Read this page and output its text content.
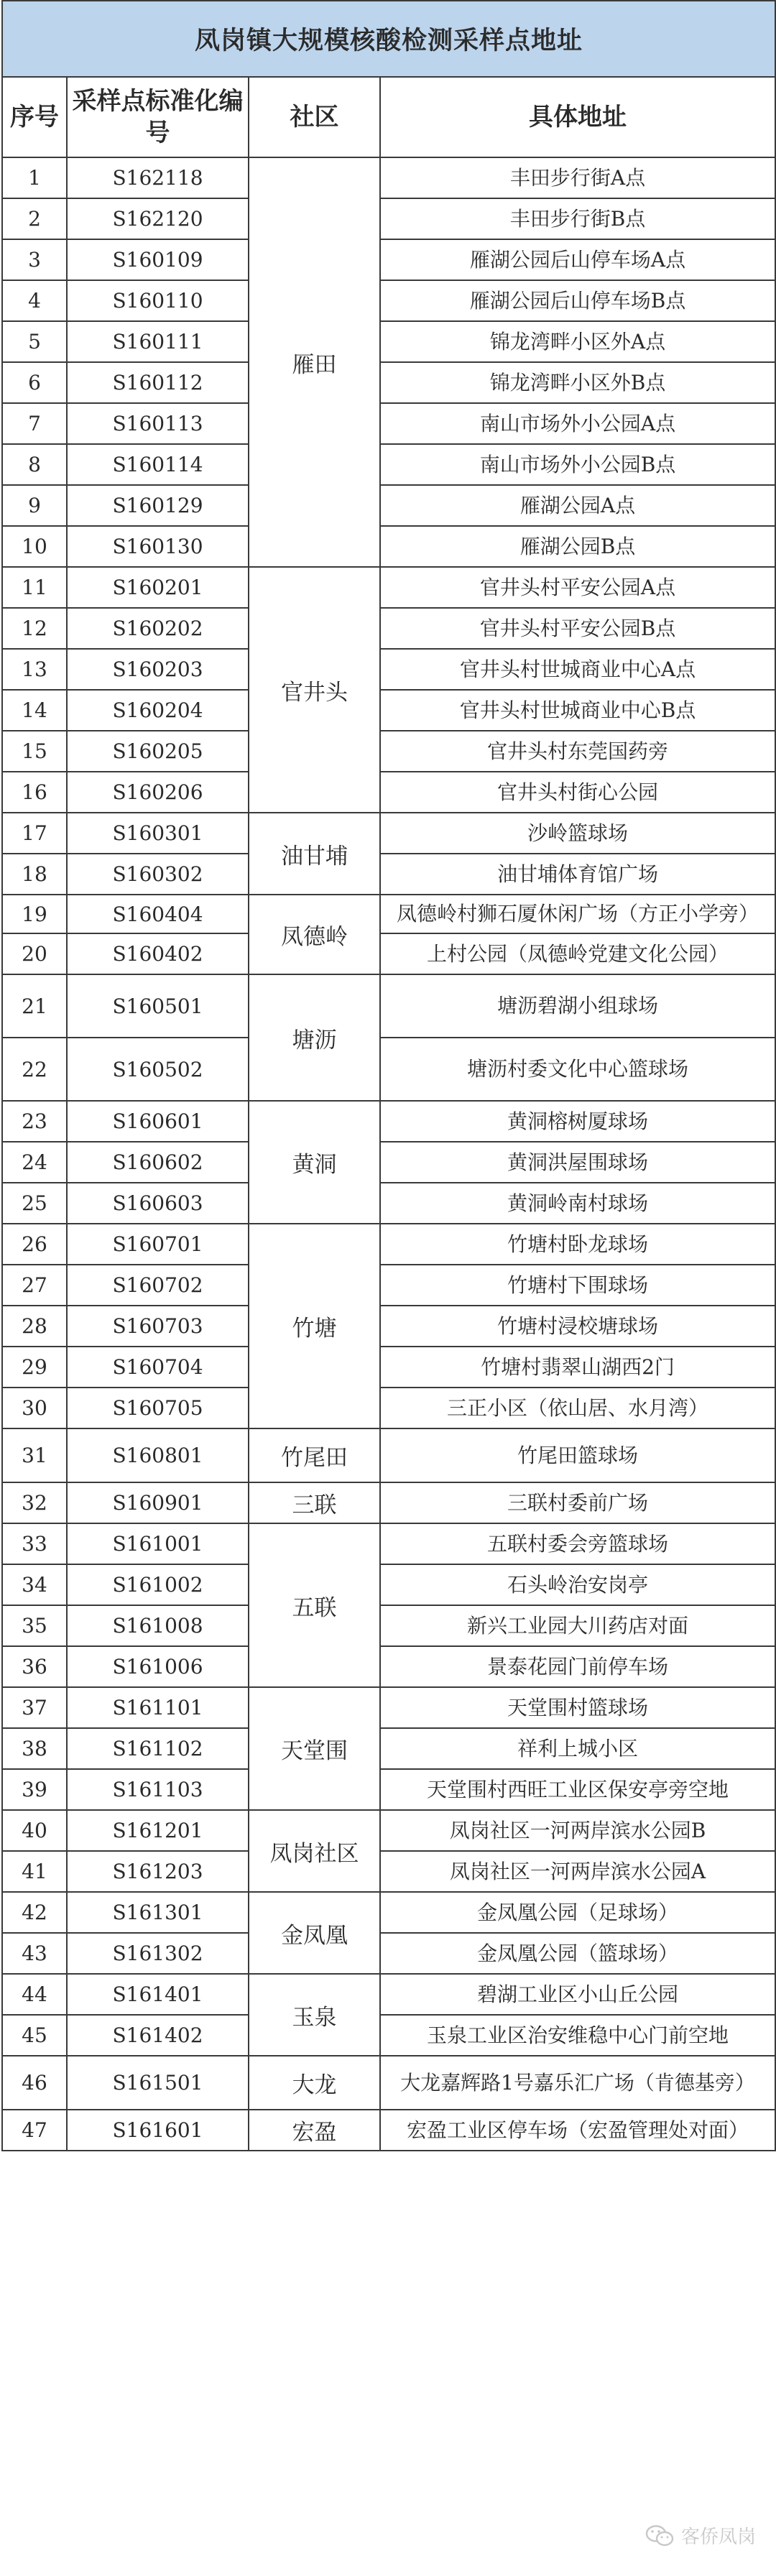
凤岗镇大规模核酸检测采样点地址			
序号	采样点标准化编号	社区	具体地址
1	S162118	雁田	丰田步行街A点
2	S162120		丰田步行街B点
3	S160109		雁湖公园后山停车场A点
4	S160110		雁湖公园后山停车场B点
5	S160111		锦龙湾畔小区外A点
6	S160112		锦龙湾畔小区外B点
7	S160113		南山市场外小公园A点
8	S160114		南山市场外小公园B点
9	S160129		雁湖公园A点
10	S160130		雁湖公园B点
11	S160201	官井头	官井头村平安公园A点
12	S160202		官井头村平安公园B点
13	S160203		官井头村世城商业中心A点
14	S160204		官井头村世城商业中心B点
15	S160205		官井头村东莞国药旁
16	S160206		官井头村街心公园
17	S160301	油甘埔	沙岭篮球场
18	S160302		油甘埔体育馆广场
19	S160404	凤德岭	凤德岭村狮石厦休闲广场（方正小学旁）
20	S160402		上村公园（凤德岭党建文化公园）
21	S160501	塘沥	塘沥碧湖小组球场
22	S160502		塘沥村委文化中心篮球场
23	S160601	黄洞	黄洞榕树厦球场
24	S160602		黄洞洪屋围球场
25	S160603		黄洞岭南村球场
26	S160701	竹塘	竹塘村卧龙球场
27	S160702		竹塘村下围球场
28	S160703		竹塘村浸校塘球场
29	S160704		竹塘村翡翠山湖西2门
30	S160705		三正小区（依山居、水月湾）
31	S160801	竹尾田	竹尾田篮球场
32	S160901	三联	三联村委前广场
33	S161001	五联	五联村委会旁篮球场
34	S161002		石头岭治安岗亭
35	S161008		新兴工业园大川药店对面
36	S161006		景泰花园门前停车场
37	S161101	天堂围	天堂围村篮球场
38	S161102		祥利上城小区
39	S161103		天堂围村西旺工业区保安亭旁空地
40	S161201	凤岗社区	凤岗社区一河两岸滨水公园B
41	S161203		凤岗社区一河两岸滨水公园A
42	S161301	金凤凰	金凤凰公园（足球场）
43	S161302		金凤凰公园（篮球场）
44	S161401	玉泉	碧湖工业区小山丘公园
45	S161402		玉泉工业区治安维稳中心门前空地
46	S161501	大龙	大龙嘉辉路1号嘉乐汇广场（肯德基旁）
47	S161601	宏盈	宏盈工业区停车场（宏盈管理处对面）
客侨凤岗
